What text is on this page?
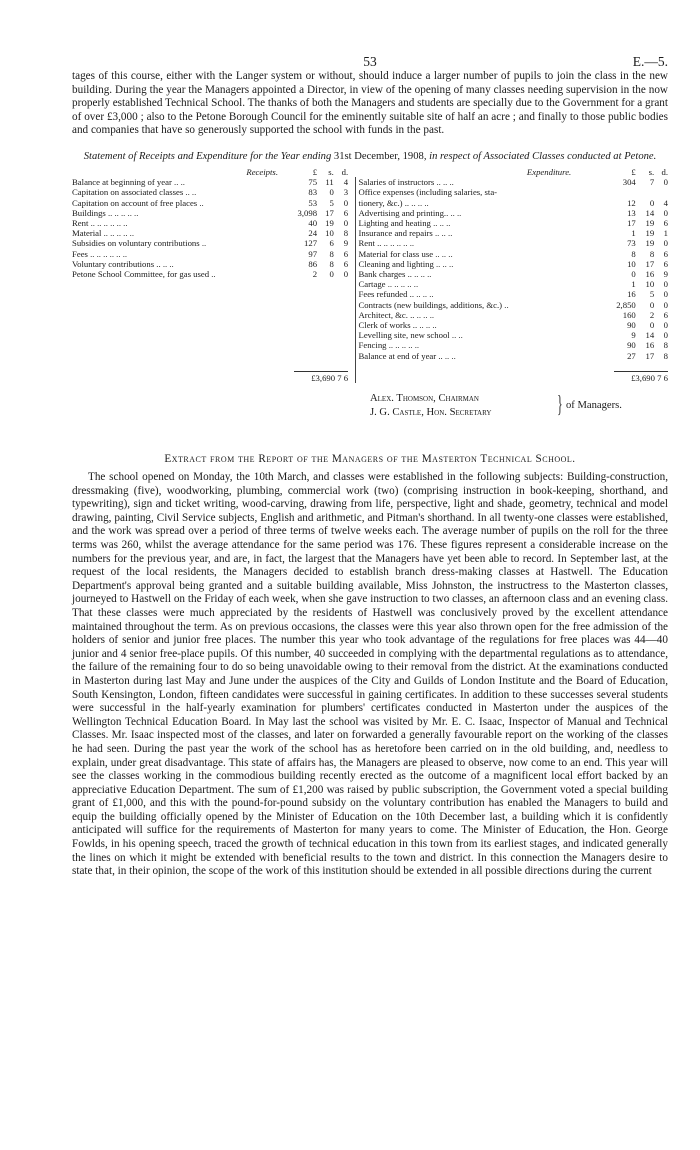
53	E.—5.

tages of this course, either with the Langer system or without, should induce a larger number of pupils to join the class in the new building. During the year the Managers appointed a Director, in view of the opening of many classes needing supervision in the now properly established Technical School. The thanks of both the Managers and students are specially due to the Government for a grant of over £3,000 ; also to the Petone Borough Council for the eminently suitable site of half an acre ; and finally to those public bodies and companies that have so generously supported the school with funds in the past.

Statement of Receipts and Expenditure for the Year ending 31st December, 1908, in respect of Associated Classes conducted at Petone.
Receipts.	£	s.	d.		Expenditure.	£	s.	d.
Balance at beginning of year .. ..	75	11	4		Salaries of instructors .. .. ..	304	7	0
Capitation on associated classes .. ..	83	0	3		Office expenses (including salaries, sta-			
Capitation on account of free places ..	53	5	0		tionery, &c.) .. .. .. ..	12	0	4
Buildings .. .. .. .. ..	3,098	17	6		Advertising and printing.. .. ..	13	14	0
Rent .. .. .. .. .. ..	40	19	0		Lighting and heating .. .. ..	17	19	6
Material .. .. .. .. ..	24	10	8		Insurance and repairs .. .. ..	1	19	1
Subsidies on voluntary contributions ..	127	6	9		Rent .. .. .. .. .. ..	73	19	0
Fees .. .. .. .. .. ..	97	8	6		Material for class use .. .. ..	8	8	6
Voluntary contributions .. .. ..	86	8	6		Cleaning and lighting .. .. ..	10	17	6
Petone School Committee, for gas used ..	2	0	0		Bank charges .. .. .. ..	0	16	9
					Cartage .. .. .. .. ..	1	10	0
					Fees refunded .. .. .. ..	16	5	0
					Contracts (new buildings, additions, &c.) ..	2,850	0	0
					Architect, &c. .. .. .. ..	160	2	6
					Clerk of works .. .. .. ..	90	0	0
					Levelling site, new school .. ..	9	14	0
					Fencing .. .. .. .. ..	90	16	8
					Balance at end of year .. .. ..	27	17	8
	£3,690 7 6					£3,690 7 6		
Alex. Thomson, Chairman
J. G. Castle, Hon. Secretary	} of Managers.
Extract from the Report of the Managers of the Masterton Technical School.

The school opened on Monday, the 10th March, and classes were established in the following subjects: Building-construction, dressmaking (five), woodworking, plumbing, commercial work (two) (comprising instruction in book-keeping, shorthand, and typewriting), sign and ticket writing, wood-carving, drawing from life, perspective, light and shade, geometry, technical and model drawing, painting, Civil Service subjects, English and arithmetic, and Pitman's shorthand. In all twenty-one classes were established, and the work was spread over a period of three terms of twelve weeks each. The average number of pupils on the roll for the three terms was 260, whilst the average attendance for the same period was 176. These figures represent a considerable increase on the numbers for the previous year, and are, in fact, the largest that the Managers have yet been able to record. In September last, at the request of the local residents, the Managers decided to establish branch dress-making classes at Hastwell. The Education Department's approval being granted and a suitable building available, Miss Johnston, the instructress to the Masterton classes, journeyed to Hastwell on the Friday of each week, when she gave instruction to two classes, an afternoon class and an evening class. That these classes were much appreciated by the residents of Hastwell was conclusively proved by the excellent attendance maintained throughout the term. As on previous occasions, the classes were this year also thrown open for the free admission of the holders of senior and junior free places. The number this year who took advantage of the regulations for free places was 44—40 junior and 4 senior free-place pupils. Of this number, 40 succeeded in complying with the departmental regulations as to attendance, the failure of the remaining four to do so being unavoidable owing to their removal from the district. At the examinations conducted in Masterton during last May and June under the auspices of the City and Guilds of London Institute and the Board of Education, South Kensington, London, fifteen candidates were successful in gaining certificates. In addition to these successes several students were successful in the half-yearly examination for plumbers' certificates conducted in Masterton under the auspices of the Wellington Technical Education Board. In May last the school was visited by Mr. E. C. Isaac, Inspector of Manual and Technical Classes. Mr. Isaac inspected most of the classes, and later on forwarded a generally favourable report on the working of the classes he had seen. During the past year the work of the school has as heretofore been carried on in the old building, and, needless to explain, under great disadvantage. This state of affairs has, the Managers are pleased to observe, now come to an end. This year will see the classes working in the commodious building recently erected as the outcome of a magnificent local effort backed by an appreciative Education Department. The sum of £1,200 was raised by public subscription, the Government voted a special building grant of £1,000, and this with the pound-for-pound subsidy on the voluntary contribution has enabled the Managers to build and equip the building officially opened by the Minister of Education on the 10th December last, a building which it is confidently anticipated will suffice for the requirements of Masterton for many years to come. The Minister of Education, the Hon. George Fowlds, in his opening speech, traced the growth of technical education in this town from its earliest stages, and indicated generally the lines on which it might be extended with beneficial results to the town and district. In this connection the Managers desire to state that, in their opinion, the scope of the work of this institution should be extended in all possible directions during the current
